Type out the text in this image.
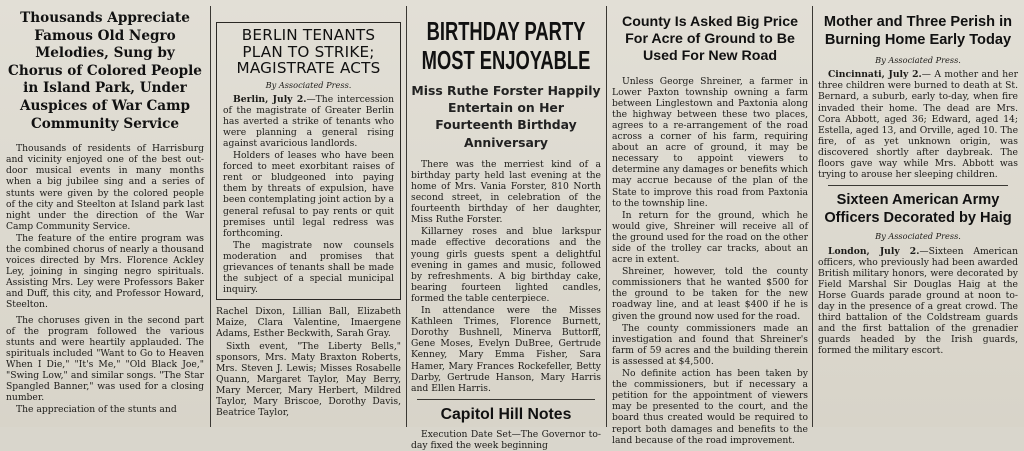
Thousands Appreciate Famous Old Negro Melodies, Sung by Chorus of Colored People in Island Park, Under Auspices of War Camp Community Service

Thousands of residents of Harrisburg and vicinity enjoyed one of the best out-door musical events in many months when a big jubilee sing and a series of stunts were given by the colored people of the city and Steelton at Island park last night under the direction of the War Camp Community Service.

The feature of the entire program was the combined chorus of nearly a thousand voices directed by Mrs. Florence Ackley Ley, joining in singing negro spirituals. Assisting Mrs. Ley were Professors Baker and Duff, this city, and Professor Howard, Steelton.

The choruses given in the second part of the program followed the various stunts and were heartily applauded. The spirituals included "Want to Go to Heaven When I Die," "It's Me," "Old Black Joe," "Swing Low," and similar songs. "The Star Spangled Banner," was used for a closing number.

The appreciation of the stunts and

BERLIN TENANTS PLAN TO STRIKE; MAGISTRATE ACTS
By Associated Press.

Berlin, July 2.—The intercession of the magistrate of Greater Berlin has averted a strike of tenants who were planning a general rising against avaricious landlords.

Holders of leases who have been forced to meet exorbitant raises of rent or bludgeoned into paying them by threats of expulsion, have been contemplating joint action by a general refusal to pay rents or quit premises until legal redress was forthcoming.

The magistrate now counsels moderation and promises that grievances of tenants shall be made the subject of a special municipal inquiry.

Rachel Dixon, Lillian Ball, Elizabeth Maize, Clara Valentine, Imaergene Adams, Esther Beckwith, Sarah Gray.

Sixth event, "The Liberty Bells," sponsors, Mrs. Maty Braxton Roberts, Mrs. Steven J. Lewis; Misses Rosabelle Quann, Margaret Taylor, May Berry, Mary Mercer, Mary Herbert, Mildred Taylor, Mary Briscoe, Dorothy Davis, Beatrice Taylor,

BIRTHDAY PARTY MOST ENJOYABLE
Miss Ruthe Forster Happily Entertain on Her Fourteenth Birthday Anniversary

There was the merriest kind of a birthday party held last evening at the home of Mrs. Vania Forster, 810 North second street, in celebration of the fourteenth birthday of her daughter, Miss Ruthe Forster.

Killarney roses and blue larkspur made effective decorations and the young girls guests spent a delightful evening in games and music, followed by refreshments. A big birthday cake, bearing fourteen lighted candles, formed the table centerpiece.

In attendance were the Misses Kathleen Trimes, Florence Burnett, Dorothy Bushnell, Minerva Buttorff, Gene Moses, Evelyn DuBree, Gertrude Kenney, Mary Emma Fisher, Sara Hamer, Mary Frances Rockefeller, Betty Darby, Gertrude Hanson, Mary Harris and Ellen Harris.

Capitol Hill Notes

Execution Date Set—The Governor to-day fixed the week beginning

County Is Asked Big Price For Acre of Ground to Be Used For New Road

Unless George Shreiner, a farmer in Lower Paxton township owning a farm between Linglestown and Paxtonia along the highway between these two places, agrees to a re-arrangement of the road across a corner of his farm, requiring about an acre of ground, it may be necessary to appoint viewers to determine any damages or benefits which may accrue because of the plan of the State to improve this road from Paxtonia to the township line.

In return for the ground, which he would give, Shreiner will receive all of the ground used for the road on the other side of the trolley car tracks, about an acre in extent.

Shreiner, however, told the county commissioners that he wanted $500 for the ground to be taken for the new roadway line, and at least $400 if he is given the ground now used for the road.

The county commissioners made an investigation and found that Shreiner's farm of 59 acres and the building therein is assessed at $4,500.

No definite action has been taken by the commissioners, but if necessary a petition for the appointment of viewers may be presented to the court, and the board thus created would be required to report both damages and benefits to the land because of the road improvement.

Mother and Three Perish in Burning Home Early Today
By Associated Press.

Cincinnati, July 2.— A mother and her three children were burned to death at St. Bernard, a suburb, early to-day, when fire invaded their home. The dead are Mrs. Cora Abbott, aged 36; Edward, aged 14; Estella, aged 13, and Orville, aged 10. The fire, of as yet unknown origin, was discovered shortly after daybreak. The floors gave way while Mrs. Abbott was trying to arouse her sleeping children.

Sixteen American Army Officers Decorated by Haig
By Associated Press.

London, July 2.—Sixteen American officers, who previously had been awarded British military honors, were decorated by Field Marshal Sir Douglas Haig at the Horse Guards parade ground at noon to-day in the presence of a great crowd. The third battalion of the Coldstream guards and the first battalion of the grenadier guards headed by the Irish guards, formed the military escort.
